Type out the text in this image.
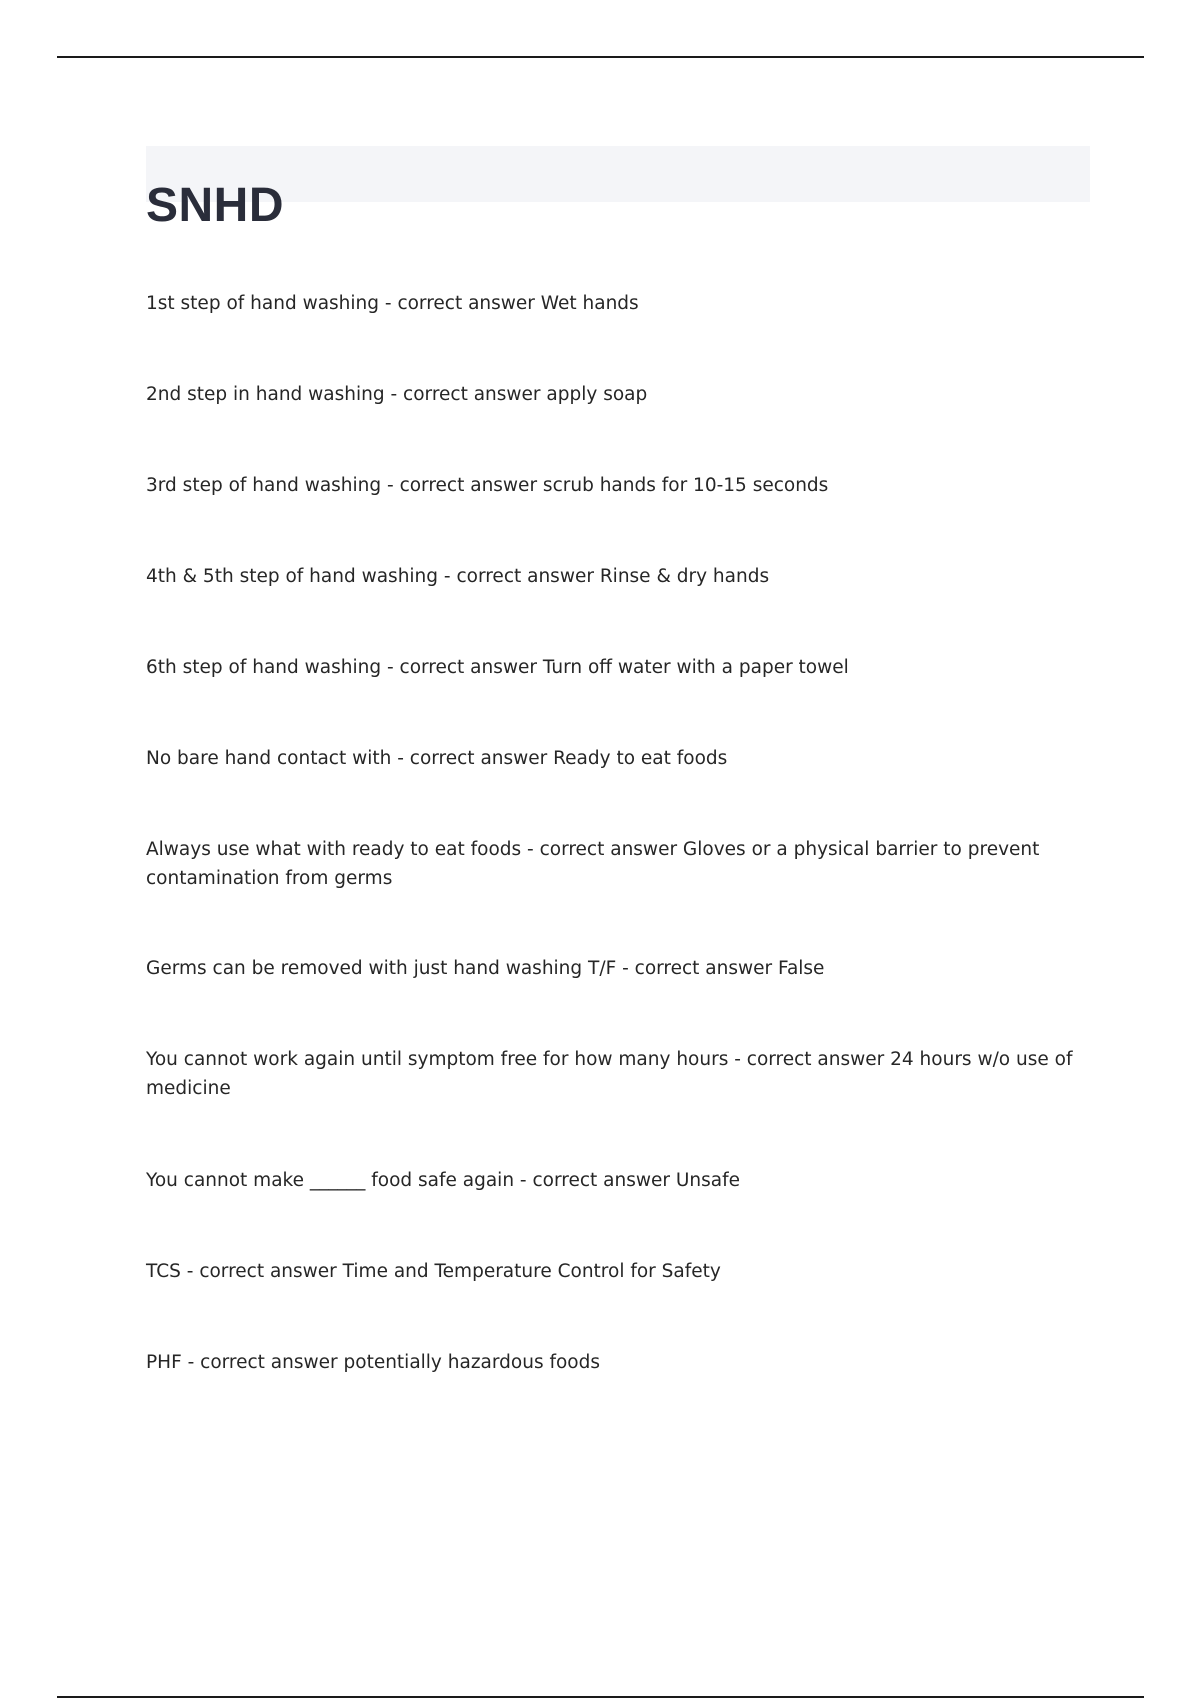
SNHD
1st step of hand washing - correct answer Wet hands
2nd step in hand washing - correct answer apply soap
3rd step of hand washing - correct answer scrub hands for 10-15 seconds
4th & 5th step of hand washing - correct answer Rinse & dry hands
6th step of hand washing - correct answer Turn off water with a paper towel
No bare hand contact with - correct answer Ready to eat foods
Always use what with ready to eat foods - correct answer Gloves or a physical barrier to prevent contamination from germs
Germs can be removed with just hand washing T/F - correct answer False
You cannot work again until symptom free for how many hours - correct answer 24 hours w/o use of medicine
You cannot make ______ food safe again - correct answer Unsafe
TCS - correct answer Time and Temperature Control for Safety
PHF - correct answer potentially hazardous foods
